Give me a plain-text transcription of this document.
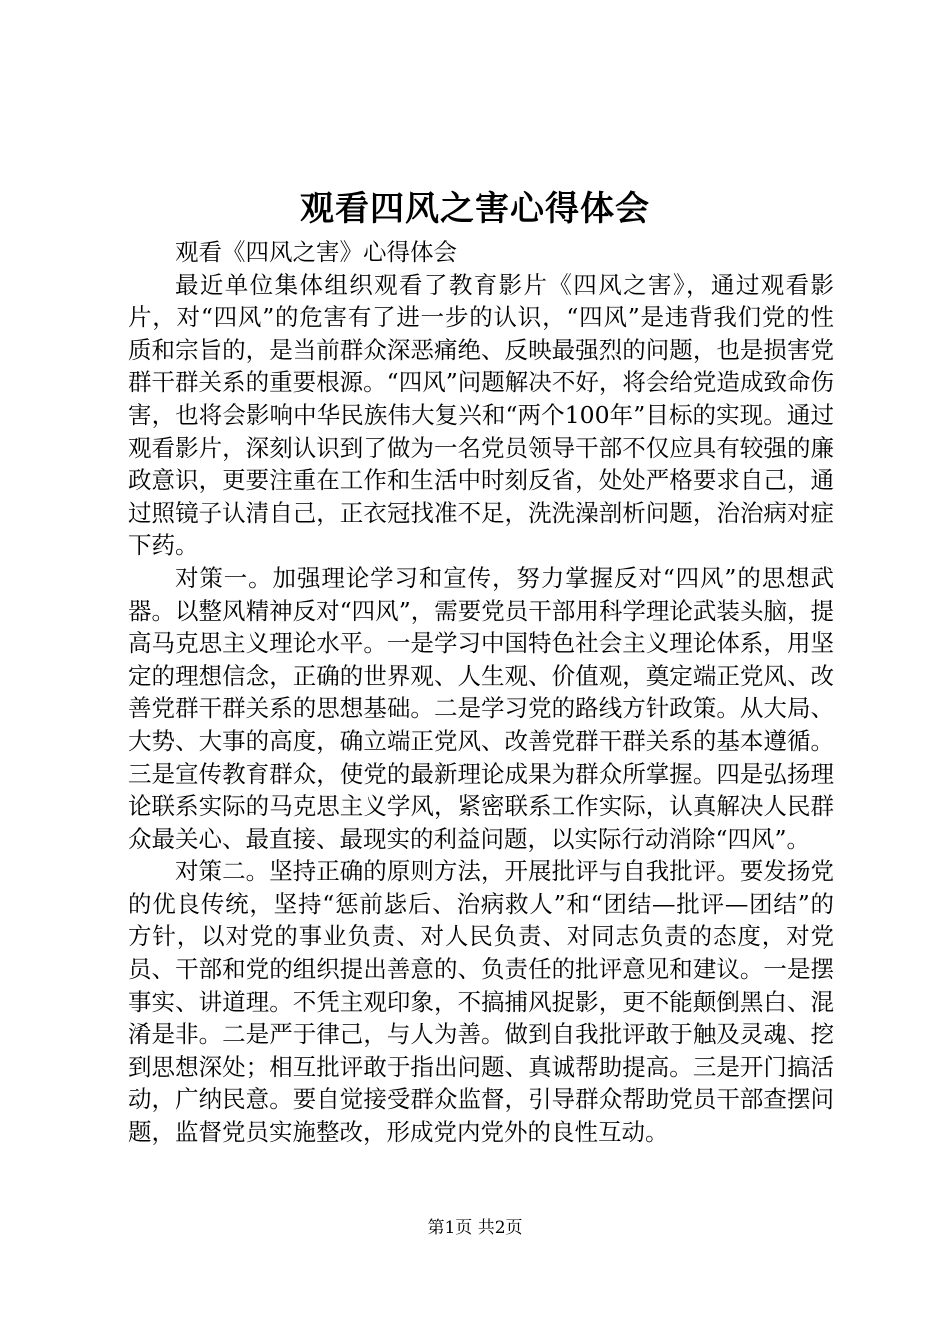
观看四风之害心得体会

观看《四风之害》心得体会

最近单位集体组织观看了教育影片《四风之害》，通过观看影片，对“四风”的危害有了进一步的认识，“四风”是违背我们党的性质和宗旨的，是当前群众深恶痛绝、反映最强烈的问题，也是损害党群干群关系的重要根源。“四风”问题解决不好，将会给党造成致命伤害，也将会影响中华民族伟大复兴和“两个100年”目标的实现。通过观看影片，深刻认识到了做为一名党员领导干部不仅应具有较强的廉政意识，更要注重在工作和生活中时刻反省，处处严格要求自己，通过照镜子认清自己，正衣冠找准不足，洗洗澡剖析问题，治治病对症下药。

对策一。加强理论学习和宣传，努力掌握反对“四风”的思想武器。以整风精神反对“四风”，需要党员干部用科学理论武装头脑，提高马克思主义理论水平。一是学习中国特色社会主义理论体系，用坚定的理想信念，正确的世界观、人生观、价值观，奠定端正党风、改善党群干群关系的思想基础。二是学习党的路线方针政策。从大局、大势、大事的高度，确立端正党风、改善党群干群关系的基本遵循。三是宣传教育群众，使党的最新理论成果为群众所掌握。四是弘扬理论联系实际的马克思主义学风，紧密联系工作实际，认真解决人民群众最关心、最直接、最现实的利益问题，以实际行动消除“四风”。

对策二。坚持正确的原则方法，开展批评与自我批评。要发扬党的优良传统，坚持“惩前毖后、治病救人”和“团结—批评—团结”的方针，以对党的事业负责、对人民负责、对同志负责的态度，对党员、干部和党的组织提出善意的、负责任的批评意见和建议。一是摆事实、讲道理。不凭主观印象，不搞捕风捉影，更不能颠倒黑白、混淆是非。二是严于律己，与人为善。做到自我批评敢于触及灵魂、挖到思想深处；相互批评敢于指出问题、真诚帮助提高。三是开门搞活动，广纳民意。要自觉接受群众监督，引导群众帮助党员干部查摆问题，监督党员实施整改，形成党内党外的良性互动。

第1页 共2页
